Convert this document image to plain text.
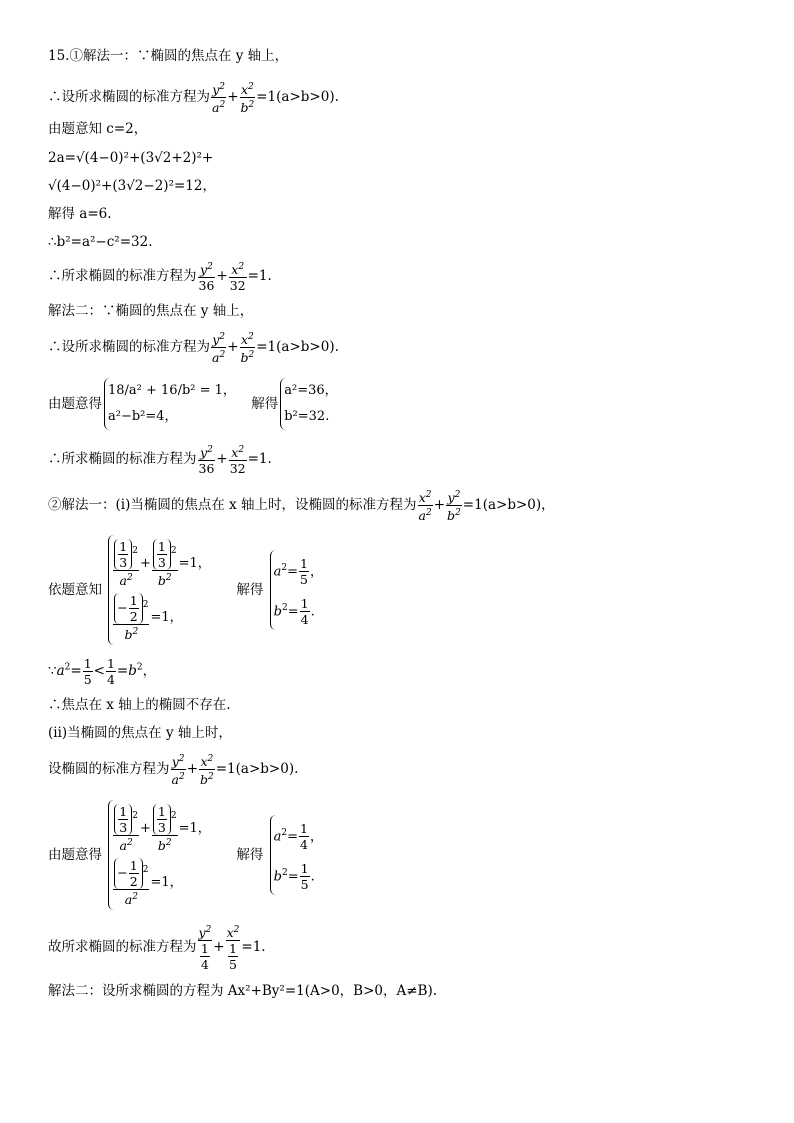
15.①解法一：∵椭圆的焦点在 y 轴上，
∴设所求椭圆的标准方程为 $\frac{y^2}{a^2} + \frac{x^2}{b^2} =1(a>b>0)$.
由题意知 c=2，
2a=√(4−0)²+(3√2+2)²+
√(4−0)²+(3√2−2)²=12，
解得 a=6.
∴b²=a²−c²=32.
∴所求椭圆的标准方程为 $\frac{y^2}{36} + \frac{x^2}{32} =1$.
解法二：∵椭圆的焦点在 y 轴上，
∴设所求椭圆的标准方程为 $\frac{y^2}{a^2} + \frac{x^2}{b^2} =1(a>b>0)$.
由题意得
18/a² + 16/b² = 1，
a²−b²=4，
解得
a²=36，
b²=32.
∴所求椭圆的标准方程为 $\frac{y^2}{36} + \frac{x^2}{32} =1$.
②解法一：(ⅰ)当椭圆的焦点在 x 轴上时，设椭圆的标准方程为 $\frac{x^2}{a^2} + \frac{y^2}{b^2} =1(a>b>0)$，
依题意知
$\frac{\frac{1}{3} ^2}{a^2} + \frac{\frac{1}{3} ^2}{b^2} =1$，
$\frac{- \frac{1}{2} ^2}{b^2} =1$，
解得
$a^2= \frac{1}{5}$ ，
$b^2= \frac{1}{4}$ .
$\because a^2= \frac{1}{5} < \frac{1}{4} =b^2$，
∴焦点在 x 轴上的椭圆不存在.
(ⅱ)当椭圆的焦点在 y 轴上时，
设椭圆的标准方程为 $\frac{y^2}{a^2} + \frac{x^2}{b^2} =1(a>b>0)$.
由题意得
$\frac{\frac{1}{3} ^2}{a^2} + \frac{\frac{1}{3} ^2}{b^2} =1$，
$\frac{- \frac{1}{2} ^2}{a^2} =1$，
解得
$a^2= \frac{1}{4}$ ，
$b^2= \frac{1}{5}$ .
故所求椭圆的标准方程为 $\frac{y^2}{\frac{1}{4}} + \frac{x^2}{\frac{1}{5}} =1$.
解法二：设所求椭圆的方程为 Ax²+By²=1(A>0，B>0，A≠B).
